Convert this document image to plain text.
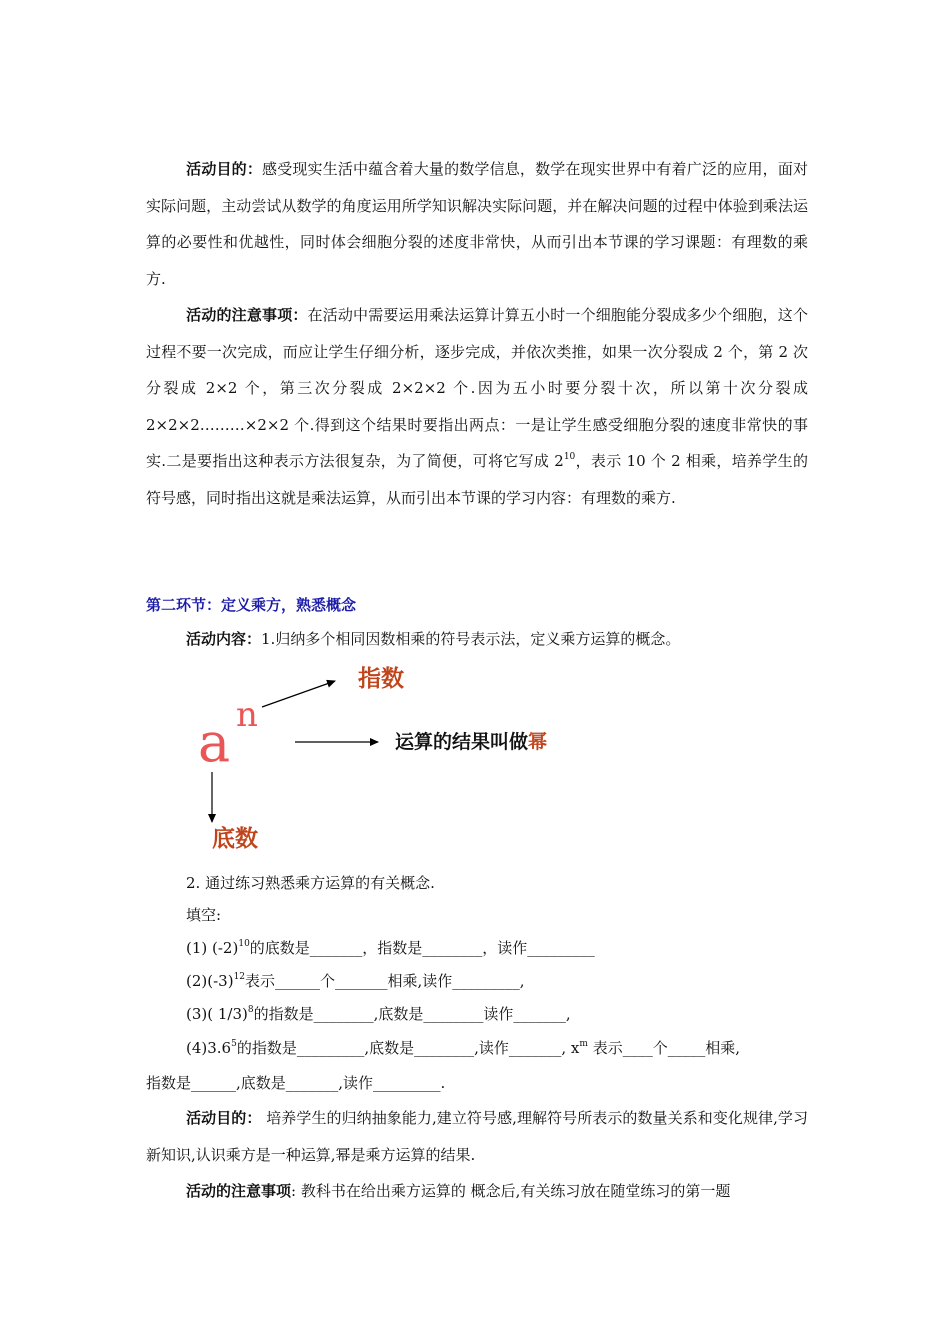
活动目的：感受现实生活中蕴含着大量的数学信息，数学在现实世界中有着广泛的应用，面对实际问题，主动尝试从数学的角度运用所学知识解决实际问题，并在解决问题的过程中体验到乘法运算的必要性和优越性，同时体会细胞分裂的述度非常快，从而引出本节课的学习课题：有理数的乘方.
活动的注意事项：在活动中需要运用乘法运算计算五小时一个细胞能分裂成多少个细胞，这个过程不要一次完成，而应让学生仔细分析，逐步完成，并依次类推，如果一次分裂成 2 个，第 2 次分裂成 2×2 个，第三次分裂成 2×2×2 个.因为五小时要分裂十次，所以第十次分裂成 2×2×2………×2×2 个.得到这个结果时要指出两点：一是让学生感受细胞分裂的速度非常快的事实.二是要指出这种表示方法很复杂，为了简便，可将它写成 $2^{10}$，表示 10 个 2 相乘，培养学生的符号感，同时指出这就是乘法运算，从而引出本节课的学习内容：有理数的乘方.
第二环节：定义乘方，熟悉概念
活动内容：1.归纳多个相同因数相乘的符号表示法，定义乘方运算的概念。
a n
指数
运算的结果叫做幂
底数
2. 通过练习熟悉乘方运算的有关概念.
填空:
(1) $(-2)^{10}$的底数是_______，指数是________，读作_________
$(2)(-3)^{12}$表示______个_______相乘,读作_________,
(3)( 1/3)$^8$的指数是________,底数是________读作_______,
$(4)3.6^5$的指数是_________,底数是________,读作_______, $x^m$ 表示____个_____相乘,
指数是______,底数是_______,读作_________.
活动目的： 培养学生的归纳抽象能力,建立符号感,理解符号所表示的数量关系和变化规律,学习新知识,认识乘方是一种运算,幂是乘方运算的结果.
活动的注意事项: 教科书在给出乘方运算的 概念后,有关练习放在随堂练习的第一题
